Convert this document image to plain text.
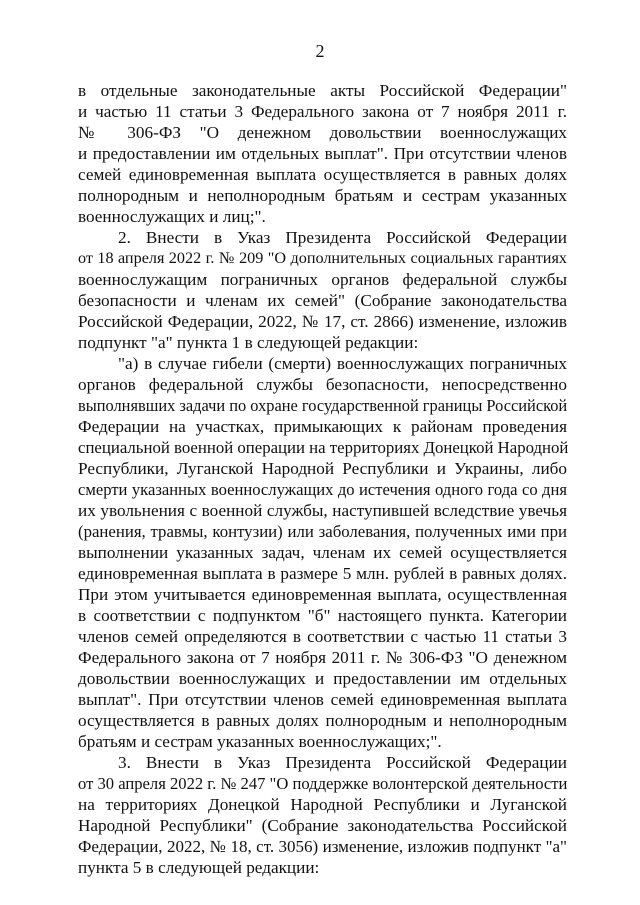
2
в отдельные законодательные акты Российской Федерации"
и частью 11 статьи 3 Федерального закона от 7 ноября 2011 г.
№ 306-ФЗ "О денежном довольствии военнослужащих
и предоставлении им отдельных выплат". При отсутствии членов
семей единовременная выплата осуществляется в равных долях
полнородным и неполнородным братьям и сестрам указанных
военнослужащих и лиц;".
2. Внести в Указ Президента Российской Федерации
от 18 апреля 2022 г. № 209 "О дополнительных социальных гарантиях
военнослужащим пограничных органов федеральной службы
безопасности и членам их семей" (Собрание законодательства
Российской Федерации, 2022, № 17, ст. 2866) изменение, изложив
подпункт "а" пункта 1 в следующей редакции:
"а) в случае гибели (смерти) военнослужащих пограничных
органов федеральной службы безопасности, непосредственно
выполнявших задачи по охране государственной границы Российской
Федерации на участках, примыкающих к районам проведения
специальной военной операции на территориях Донецкой Народной
Республики, Луганской Народной Республики и Украины, либо
смерти указанных военнослужащих до истечения одного года со дня
их увольнения с военной службы, наступившей вследствие увечья
(ранения, травмы, контузии) или заболевания, полученных ими при
выполнении указанных задач, членам их семей осуществляется
единовременная выплата в размере 5 млн. рублей в равных долях.
При этом учитывается единовременная выплата, осуществленная
в соответствии с подпунктом "б" настоящего пункта. Категории
членов семей определяются в соответствии с частью 11 статьи 3
Федерального закона от 7 ноября 2011 г. № 306-ФЗ "О денежном
довольствии военнослужащих и предоставлении им отдельных
выплат". При отсутствии членов семей единовременная выплата
осуществляется в равных долях полнородным и неполнородным
братьям и сестрам указанных военнослужащих;".
3. Внести в Указ Президента Российской Федерации
от 30 апреля 2022 г. № 247 "О поддержке волонтерской деятельности
на территориях Донецкой Народной Республики и Луганской
Народной Республики" (Собрание законодательства Российской
Федерации, 2022, № 18, ст. 3056) изменение, изложив подпункт "а"
пункта 5 в следующей редакции:
